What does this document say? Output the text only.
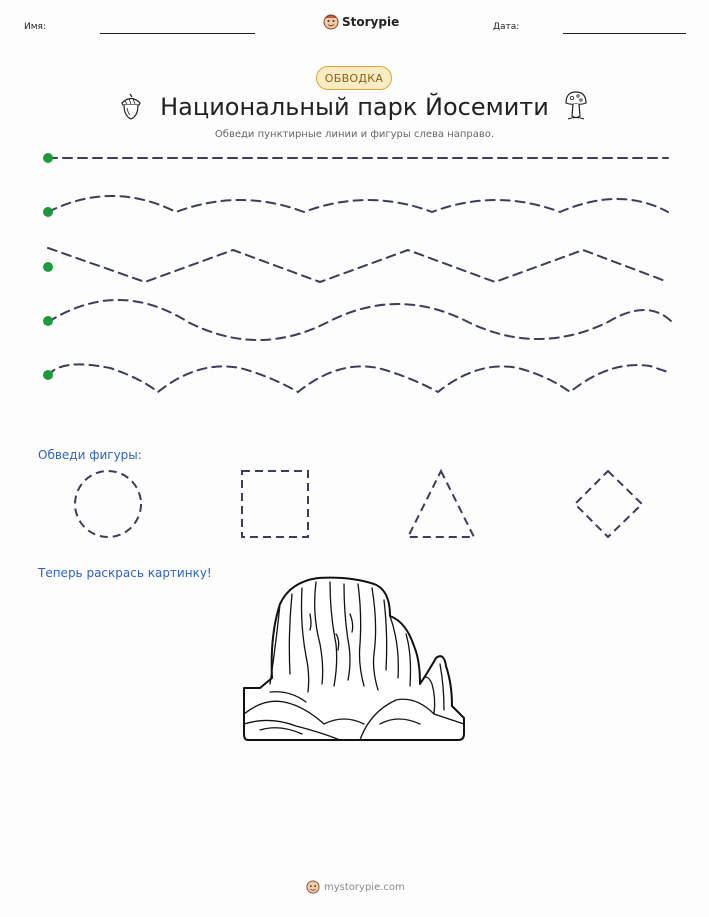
Имя:	Storypie	Дата:
ОБВОДКА
Национальный парк Йосемити
Обведи пунктирные линии и фигуры слева направо.
Обведи фигуры:
Теперь раскрась картинку!
mystorypie.com
